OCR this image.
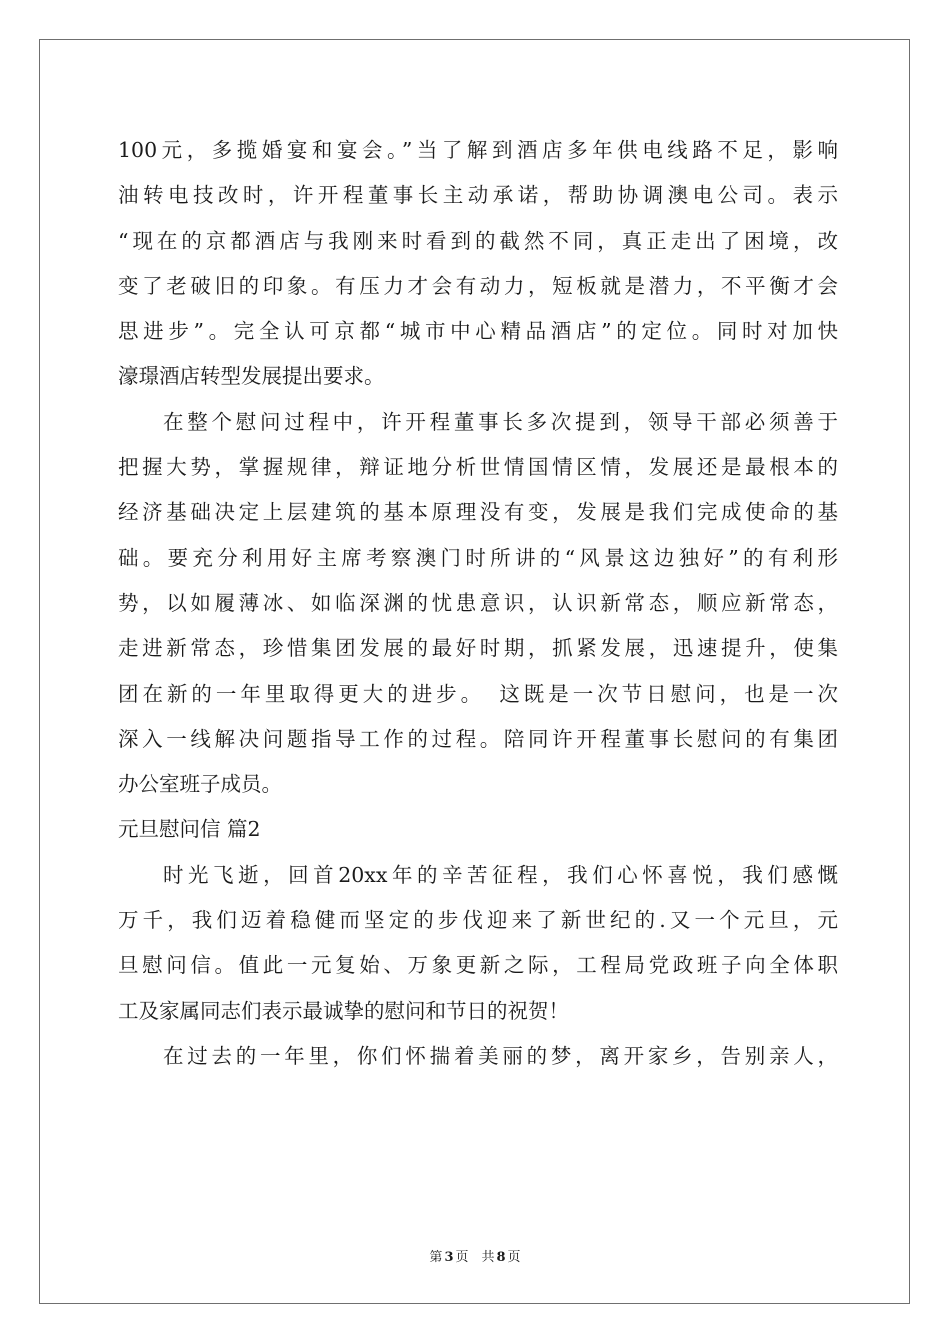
100元，多揽婚宴和宴会。”当了解到酒店多年供电线路不足，影响
油转电技改时，许开程董事长主动承诺，帮助协调澳电公司。表示
“现在的京都酒店与我刚来时看到的截然不同，真正走出了困境，改
变了老破旧的印象。有压力才会有动力，短板就是潜力，不平衡才会
思进步”。完全认可京都“城市中心精品酒店”的定位。同时对加快
濠璟酒店转型发展提出要求。
在整个慰问过程中，许开程董事长多次提到，领导干部必须善于
把握大势，掌握规律，辩证地分析世情国情区情，发展还是最根本的
经济基础决定上层建筑的基本原理没有变，发展是我们完成使命的基
础。要充分利用好主席考察澳门时所讲的“风景这边独好”的有利形
势，以如履薄冰、如临深渊的忧患意识，认识新常态，顺应新常态，
走进新常态，珍惜集团发展的最好时期，抓紧发展，迅速提升，使集
团在新的一年里取得更大的进步。　这既是一次节日慰问，也是一次
深入一线解决问题指导工作的过程。陪同许开程董事长慰问的有集团
办公室班子成员。
元旦慰问信 篇2
时光飞逝，回首20xx年的辛苦征程，我们心怀喜悦，我们感慨
万千，我们迈着稳健而坚定的步伐迎来了新世纪的.又一个元旦，元
旦慰问信。值此一元复始、万象更新之际，工程局党政班子向全体职
工及家属同志们表示最诚挚的慰问和节日的祝贺！
在过去的一年里，你们怀揣着美丽的梦，离开家乡，告别亲人，
第 3 页　共 8 页
